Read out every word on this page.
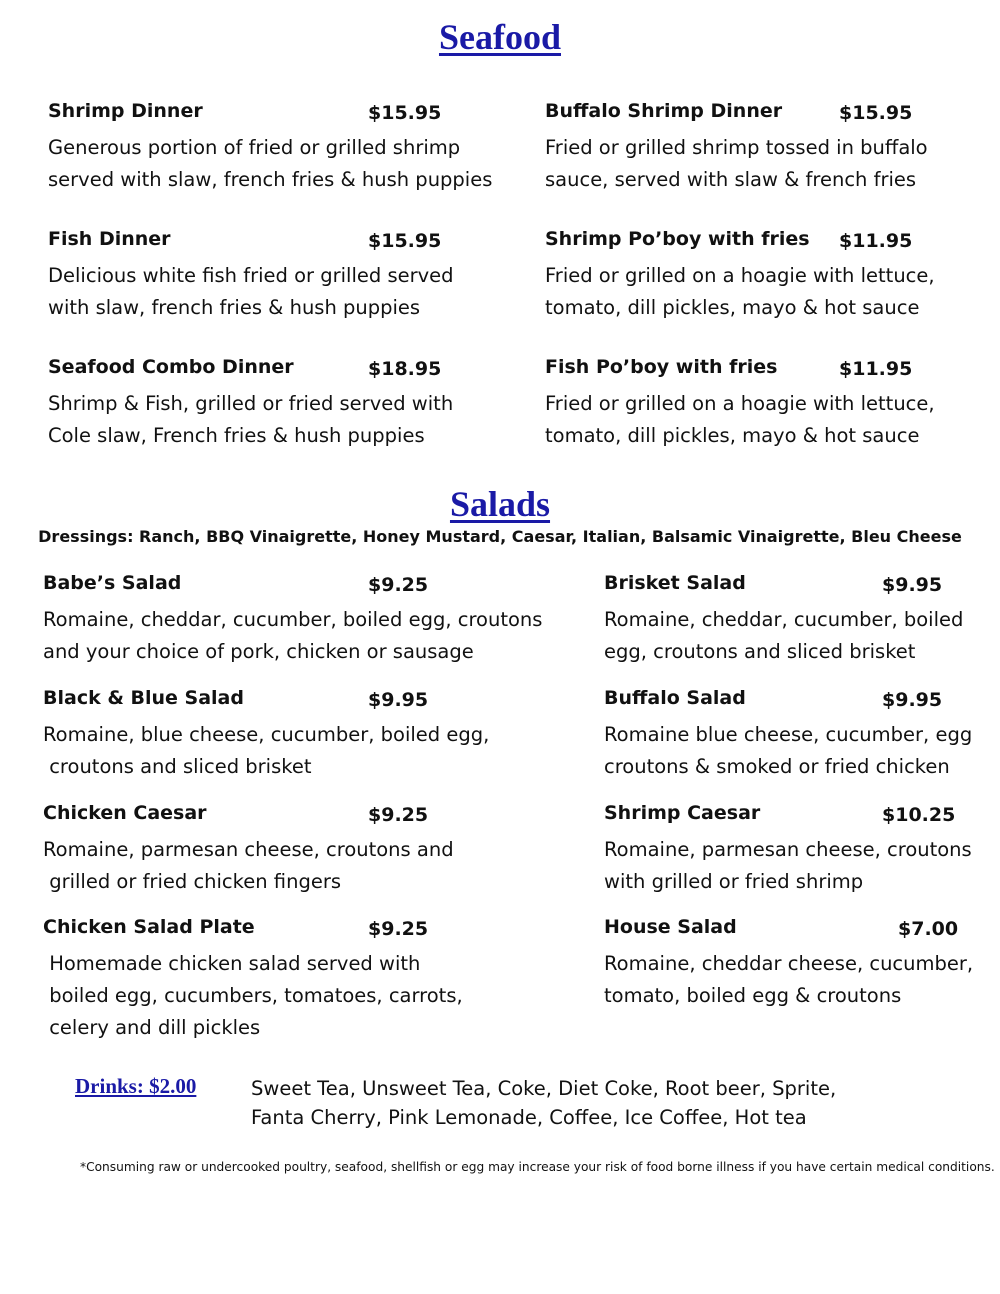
Seafood
Shrimp Dinner	$15.95
Generous portion of fried or grilled shrimp
served with slaw, french fries & hush puppies
Buffalo Shrimp Dinner	$15.95
Fried or grilled shrimp tossed in buffalo
sauce, served with slaw & french fries
Fish Dinner	$15.95
Delicious white fish fried or grilled served
with slaw, french fries & hush puppies
Shrimp Po’boy with fries $11.95
Fried or grilled on a hoagie with lettuce,
tomato, dill pickles, mayo & hot sauce
Seafood Combo Dinner	$18.95
Shrimp & Fish, grilled or fried served with
Cole slaw, French fries & hush puppies
Fish Po’boy with fries	$11.95
Fried or grilled on a hoagie with lettuce,
tomato, dill pickles, mayo & hot sauce
Salads
Dressings: Ranch, BBQ Vinaigrette, Honey Mustard, Caesar, Italian, Balsamic Vinaigrette, Bleu Cheese
Babe’s Salad	$9.25
Romaine, cheddar, cucumber, boiled egg, croutons
and your choice of pork, chicken or sausage
Brisket Salad	$9.95
Romaine, cheddar, cucumber, boiled
egg, croutons and sliced brisket
Black & Blue Salad	$9.95
Romaine, blue cheese, cucumber, boiled egg,
croutons and sliced brisket
Buffalo Salad	$9.95
Romaine blue cheese, cucumber, egg
croutons & smoked or fried chicken
Chicken Caesar	$9.25
Romaine, parmesan cheese, croutons and
grilled or fried chicken fingers
Shrimp Caesar	$10.25
Romaine, parmesan cheese, croutons
with grilled or fried shrimp
Chicken Salad Plate	$9.25
Homemade chicken salad served with
boiled egg, cucumbers, tomatoes, carrots,
celery and dill pickles
House Salad	$7.00
Romaine, cheddar cheese, cucumber,
tomato, boiled egg & croutons
Drinks: $2.00	Sweet Tea, Unsweet Tea, Coke, Diet Coke, Root beer, Sprite,
Fanta Cherry, Pink Lemonade, Coffee, Ice Coffee, Hot tea
*Consuming raw or undercooked poultry, seafood, shellfish or egg may increase your risk of food borne illness if you have certain medical conditions.
